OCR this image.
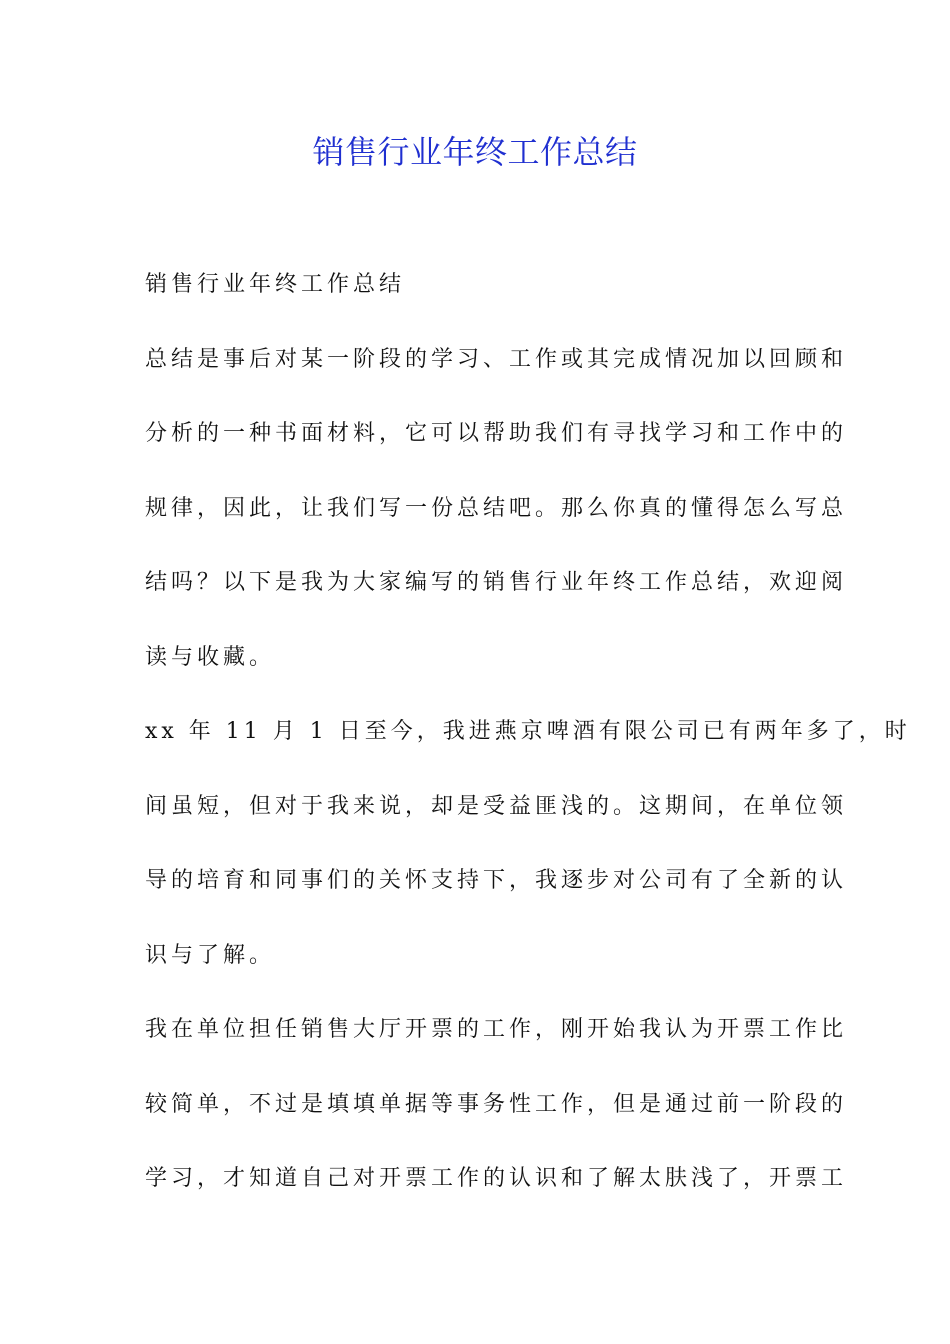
销售行业年终工作总结
销售行业年终工作总结
总结是事后对某一阶段的学习、工作或其完成情况加以回顾和
分析的一种书面材料，它可以帮助我们有寻找学习和工作中的
规律，因此，让我们写一份总结吧。那么你真的懂得怎么写总
结吗？以下是我为大家编写的销售行业年终工作总结，欢迎阅
读与收藏。
xx 年 11 月 1 日至今，我进燕京啤酒有限公司已有两年多了，时
间虽短，但对于我来说，却是受益匪浅的。这期间，在单位领
导的培育和同事们的关怀支持下，我逐步对公司有了全新的认
识与了解。
我在单位担任销售大厅开票的工作，刚开始我认为开票工作比
较简单，不过是填填单据等事务性工作，但是通过前一阶段的
学习，才知道自己对开票工作的认识和了解太肤浅了，开票工
